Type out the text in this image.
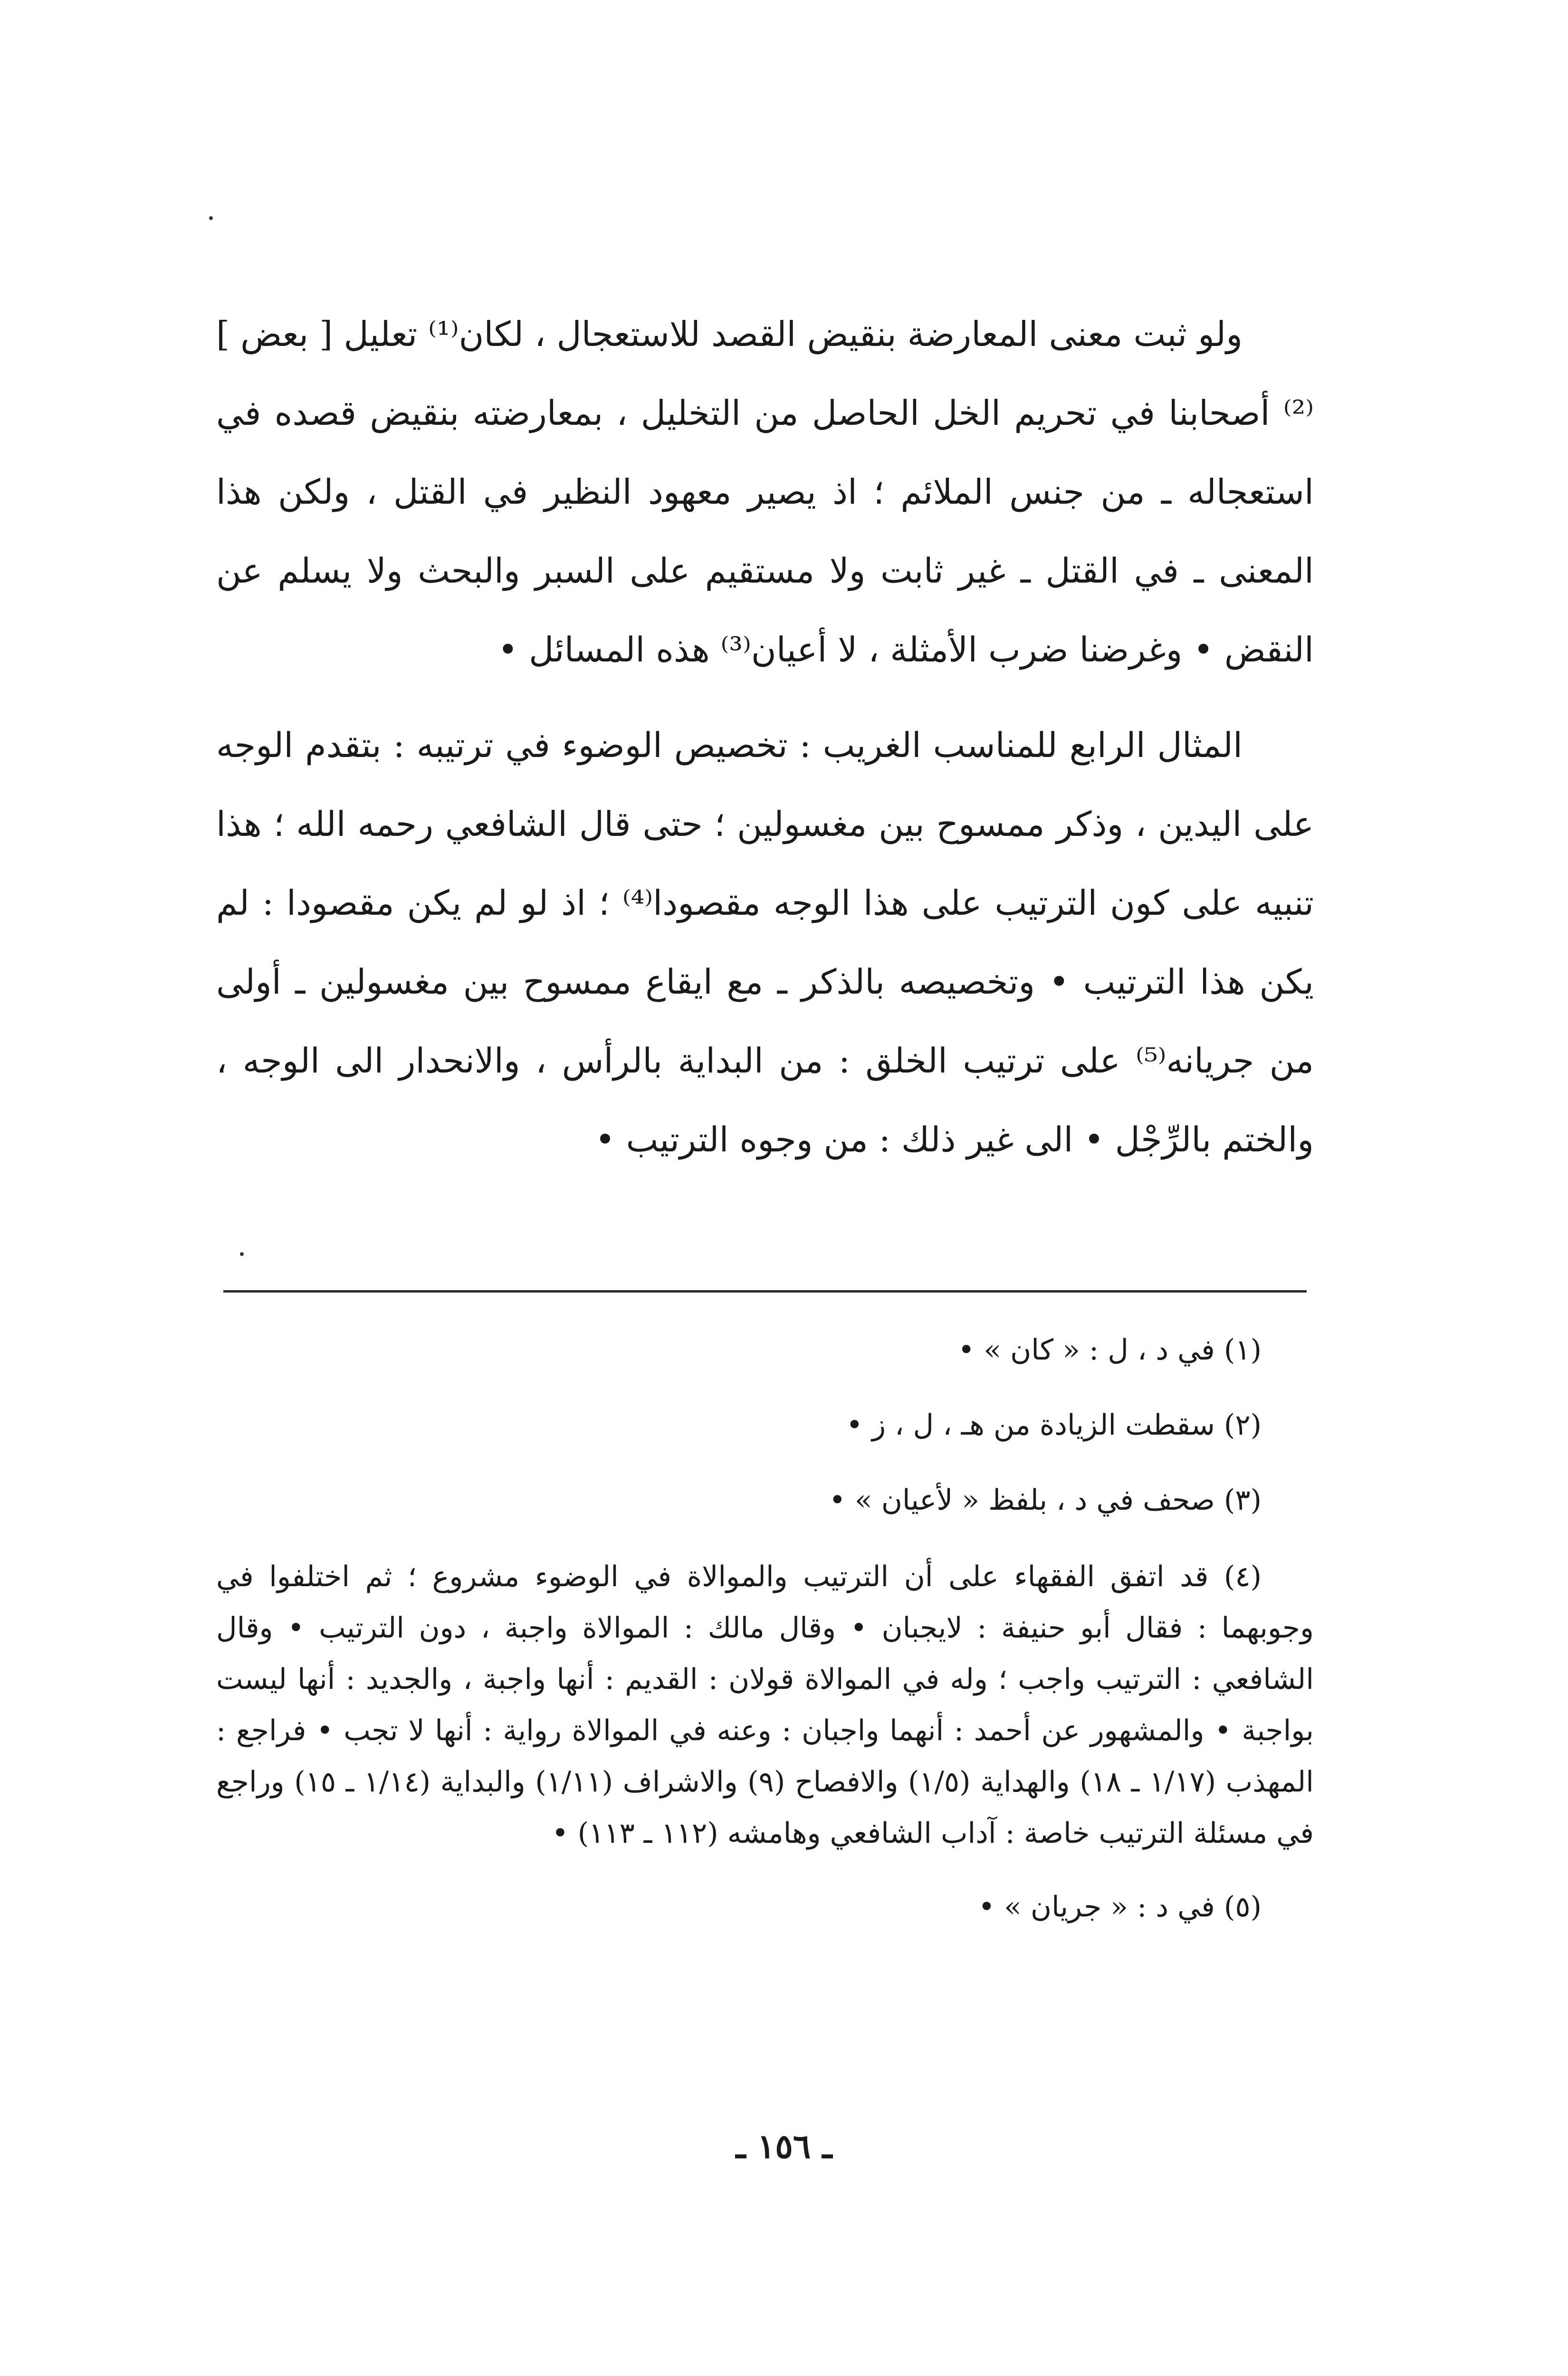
ولو ثبت معنى المعارضة بنقيض القصد للاستعجال ، لكان⁽¹⁾ تعليل [ بعض ]⁽²⁾ أصحابنا في تحريم الخل الحاصل من التخليل ، بمعارضته بنقيض قصده في استعجاله ـ من جنس الملائم ؛ اذ يصير معهود النظير في القتل ، ولكن هذا المعنى ـ في القتل ـ غير ثابت ولا مستقيم على السبر والبحث ولا يسلم عن النقض • وغرضنا ضرب الأمثلة ، لا أعيان⁽³⁾ هذه المسائل •

المثال الرابع للمناسب الغريب : تخصيص الوضوء في ترتيبه : بتقدم الوجه على اليدين ، وذكر ممسوح بين مغسولين ؛ حتى قال الشافعي رحمه الله ؛ هذا تنبيه على كون الترتيب على هذا الوجه مقصودا⁽⁴⁾ ؛ اذ لو لم يكن مقصودا : لم يكن هذا الترتيب • وتخصيصه بالذكر ـ مع ايقاع ممسوح بين مغسولين ـ أولى من جريانه⁽⁵⁾ على ترتيب الخلق : من البداية بالرأس ، والانحدار الى الوجه ، والختم بالرِّجْل • الى غير ذلك : من وجوه الترتيب •

(١) في د ، ل : « كان » •

(٢) سقطت الزيادة من هـ ، ل ، ز •

(٣) صحف في د ، بلفظ « لأعيان » •

(٤) قد اتفق الفقهاء على أن الترتيب والموالاة في الوضوء مشروع ؛ ثم اختلفوا في وجوبهما : فقال أبو حنيفة : لايجبان • وقال مالك : الموالاة واجبة ، دون الترتيب • وقال الشافعي : الترتيب واجب ؛ وله في الموالاة قولان : القديم : أنها واجبة ، والجديد : أنها ليست بواجبة • والمشهور عن أحمد : أنهما واجبان : وعنه في الموالاة رواية : أنها لا تجب • فراجع : المهذب (١/١٧ ـ ١٨) والهداية (١/٥) والافصاح (٩) والاشراف (١/١١) والبداية (١/١٤ ـ ١٥) وراجع في مسئلة الترتيب خاصة : آداب الشافعي وهامشه (١١٢ ـ ١١٣) •

(٥) في د : « جريان » •

ـ ١٥٦ ـ
